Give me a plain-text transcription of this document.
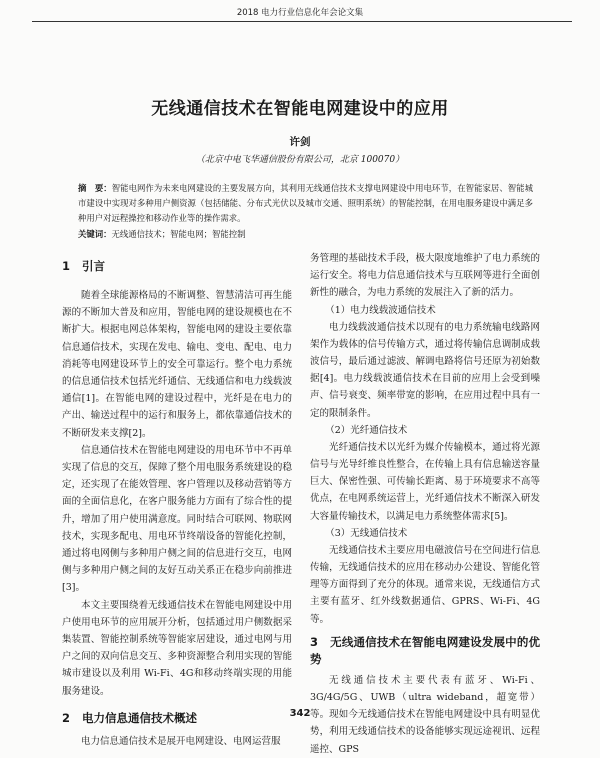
2018 电力行业信息化年会论文集
无线通信技术在智能电网建设中的应用
许剑
（北京中电飞华通信股份有限公司，北京 100070）
摘　要：智能电网作为未来电网建设的主要发展方向，其利用无线通信技术支撑电网建设中用电环节，在智能家居、智能城市建设中实现对多种用户侧资源（包括储能、分布式光伏以及城市交通、照明系统）的智能控制，在用电服务建设中满足多种用户对远程操控和移动作业等的操作需求。
关键词：无线通信技术；智能电网；智能控制
1 引言

随着全球能源格局的不断调整、智慧清洁可再生能源的不断加大普及和应用，智能电网的建设规模也在不断扩大。根据电网总体架构，智能电网的建设主要依靠信息通信技术，实现在发电、输电、变电、配电、电力消耗等电网建设环节上的安全可靠运行。整个电力系统的信息通信技术包括光纤通信、无线通信和电力线载波通信[1]。在智能电网的建设过程中，光纤是在电力的产出、输送过程中的运行和服务上，都依靠通信技术的不断研发来支撑[2]。

信息通信技术在智能电网建设的用电环节中不再单实现了信息的交互，保障了整个用电服务系统建设的稳定，还实现了在能效管理、客户管理以及移动营销等方面的全面信息化，在客户服务能力方面有了综合性的提升，增加了用户使用满意度。同时结合可联网、物联网技术，实现多配电、用电环节终端设备的智能化控制，通过将电网侧与多种用户侧之间的信息进行交互，电网侧与多种用户侧之间的友好互动关系正在稳步向前推进[3]。

本文主要围绕着无线通信技术在智能电网建设中用户使用电环节的应用展开分析，包括通过用户侧数据采集装置、智能控制系统等智能家居建设，通过电网与用户之间的双向信息交互、多种资源整合利用实现的智能城市建设以及利用 Wi-Fi、4G和移动终端实现的用能服务建设。

2 电力信息通信技术概述

电力信息通信技术是展开电网建设、电网运营服

务管理的基础技术手段，极大限度地维护了电力系统的运行安全。将电力信息通信技术与互联网等进行全面创新性的融合，为电力系统的发展注入了新的活力。

（1）电力线载波通信技术

电力线载波通信技术以现有的电力系统输电线路网架作为载体的信号传输方式，通过将传输信息调制成载波信号，最后通过滤波、解调电路将信号还原为初始数据[4]。电力线载波通信技术在目前的应用上会受到噪声、信号衰变、频率带宽的影响，在应用过程中具有一定的限制条件。

（2）光纤通信技术

光纤通信技术以光纤为媒介传输模本，通过将光源信号与光导纤维良性整合，在传输上具有信息输送容量巨大、保密性强、可传输长距离、易于环境要求不高等优点，在电网系统运营上，光纤通信技术不断深入研发大容量传输技术，以满足电力系统整体需求[5]。

（3）无线通信技术

无线通信技术主要应用电磁波信号在空间进行信息传输，无线通信技术的应用在移动办公建设、智能化管理等方面得到了充分的体现。通常来说，无线通信方式主要有蓝牙、红外线数据通信、GPRS、Wi-Fi、4G 等。

3 无线通信技术在智能电网建设发展中的优势

无线通信技术主要代表有蓝牙、Wi-Fi、3G/4G/5G、UWB（ultra wideband，超宽带）等。现如今无线通信技术在智能电网建设中具有明显优势，利用无线通信技术的设备能够实现远途视讯、远程遥控、GPS

342
